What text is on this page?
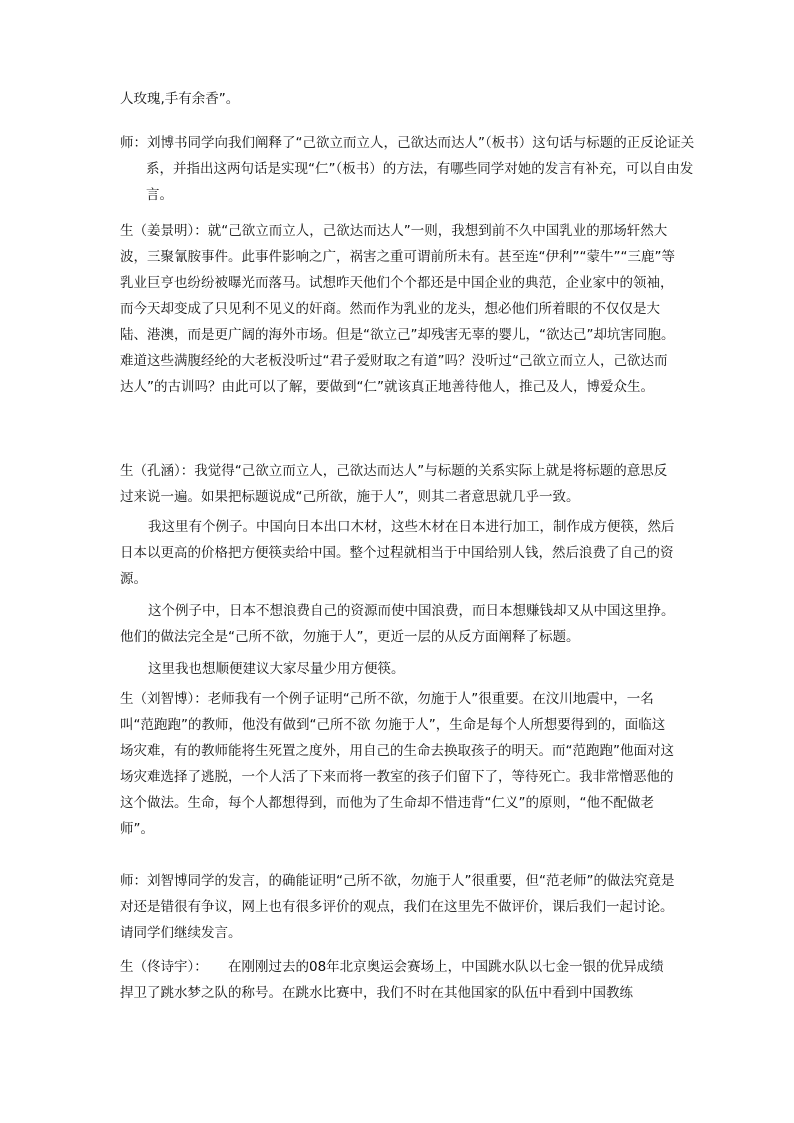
人玫瑰,手有余香”。

师：刘博书同学向我们阐释了“己欲立而立人，己欲达而达人”（板书）这句话与标题的正反论证关系，并指出这两句话是实现“仁”（板书）的方法，有哪些同学对她的发言有补充，可以自由发言。

生（姜景明）：就“己欲立而立人，己欲达而达人”一则，我想到前不久中国乳业的那场轩然大波，三聚氰胺事件。此事件影响之广，祸害之重可谓前所未有。甚至连“伊利”“蒙牛”“三鹿”等乳业巨亨也纷纷被曝光而落马。试想昨天他们个个都还是中国企业的典范，企业家中的领袖，而今天却变成了只见利不见义的奸商。然而作为乳业的龙头，想必他们所着眼的不仅仅是大陆、港澳，而是更广阔的海外市场。但是“欲立己”却残害无辜的婴儿，“欲达己”却坑害同胞。难道这些满腹经纶的大老板没听过“君子爱财取之有道”吗？没听过“己欲立而立人，己欲达而达人”的古训吗？由此可以了解，要做到“仁”就该真正地善待他人，推己及人，博爱众生。

生（孔涵）：我觉得“己欲立而立人，己欲达而达人”与标题的关系实际上就是将标题的意思反过来说一遍。如果把标题说成“己所欲，施于人”，则其二者意思就几乎一致。

我这里有个例子。中国向日本出口木材，这些木材在日本进行加工，制作成方便筷，然后日本以更高的价格把方便筷卖给中国。整个过程就相当于中国给别人钱，然后浪费了自己的资源。

这个例子中，日本不想浪费自己的资源而使中国浪费，而日本想赚钱却又从中国这里挣。他们的做法完全是“己所不欲，勿施于人”，更近一层的从反方面阐释了标题。

这里我也想顺便建议大家尽量少用方便筷。

生（刘智博）：老师我有一个例子证明“己所不欲，勿施于人”很重要。在汶川地震中，一名叫“范跑跑”的教师，他没有做到“己所不欲 勿施于人”，生命是每个人所想要得到的，面临这场灾难，有的教师能将生死置之度外，用自己的生命去换取孩子的明天。而“范跑跑”他面对这场灾难选择了逃脱，一个人活了下来而将一教室的孩子们留下了，等待死亡。我非常憎恶他的这个做法。生命，每个人都想得到，而他为了生命却不惜违背“仁义”的原则，“他不配做老师”。

师：刘智博同学的发言，的确能证明“己所不欲，勿施于人”很重要，但“范老师”的做法究竟是对还是错很有争议，网上也有很多评价的观点，我们在这里先不做评价，课后我们一起讨论。请同学们继续发言。

生（佟诗宇）：　　在刚刚过去的08年北京奥运会赛场上，中国跳水队以七金一银的优异成绩捍卫了跳水梦之队的称号。在跳水比赛中，我们不时在其他国家的队伍中看到中国教练
